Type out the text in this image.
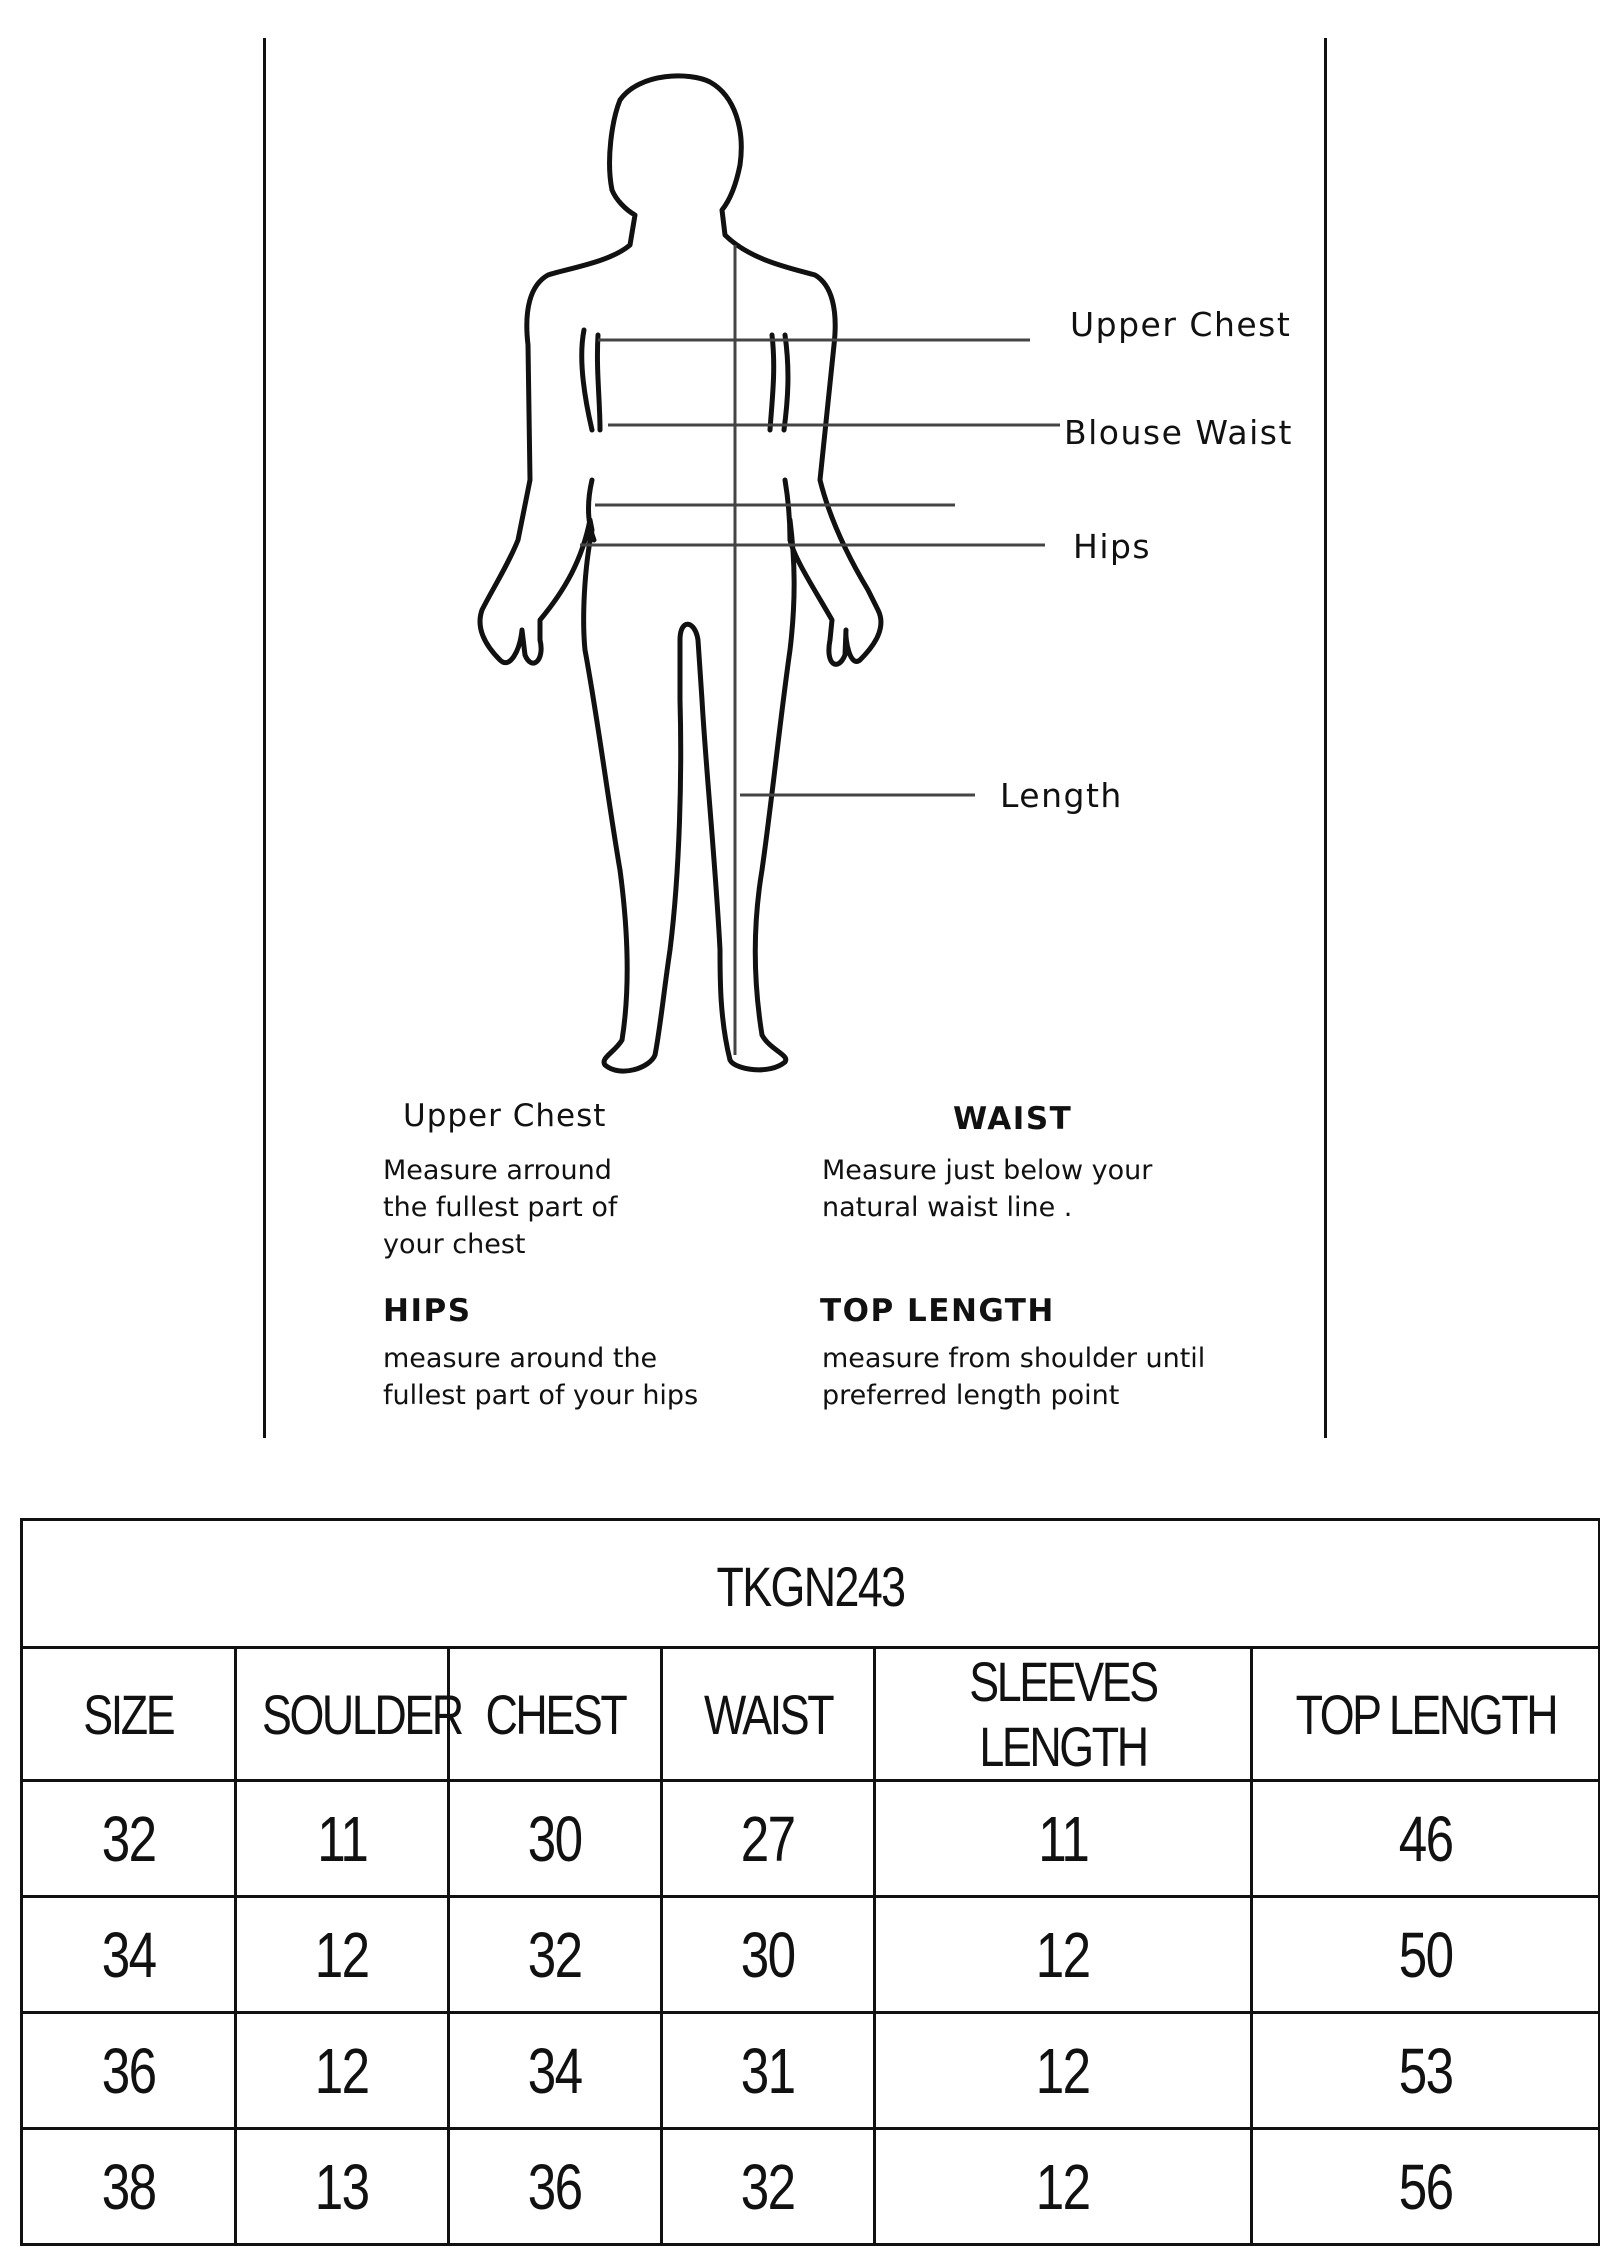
Upper Chest
Blouse Waist
Hips
Length
Upper Chest
Measure arround
the fullest part of
your chest
WAIST
Measure just below your
natural waist line .
HIPS
measure around the
fullest part of your hips
TOP LENGTH
measure from shoulder until
preferred length point
TKGN243					
SIZE	SOULDER	CHEST	WAIST	SLEEVES LENGTH	TOP LENGTH
32	11	30	27	11	46
34	12	32	30	12	50
36	12	34	31	12	53
38	13	36	32	12	56
